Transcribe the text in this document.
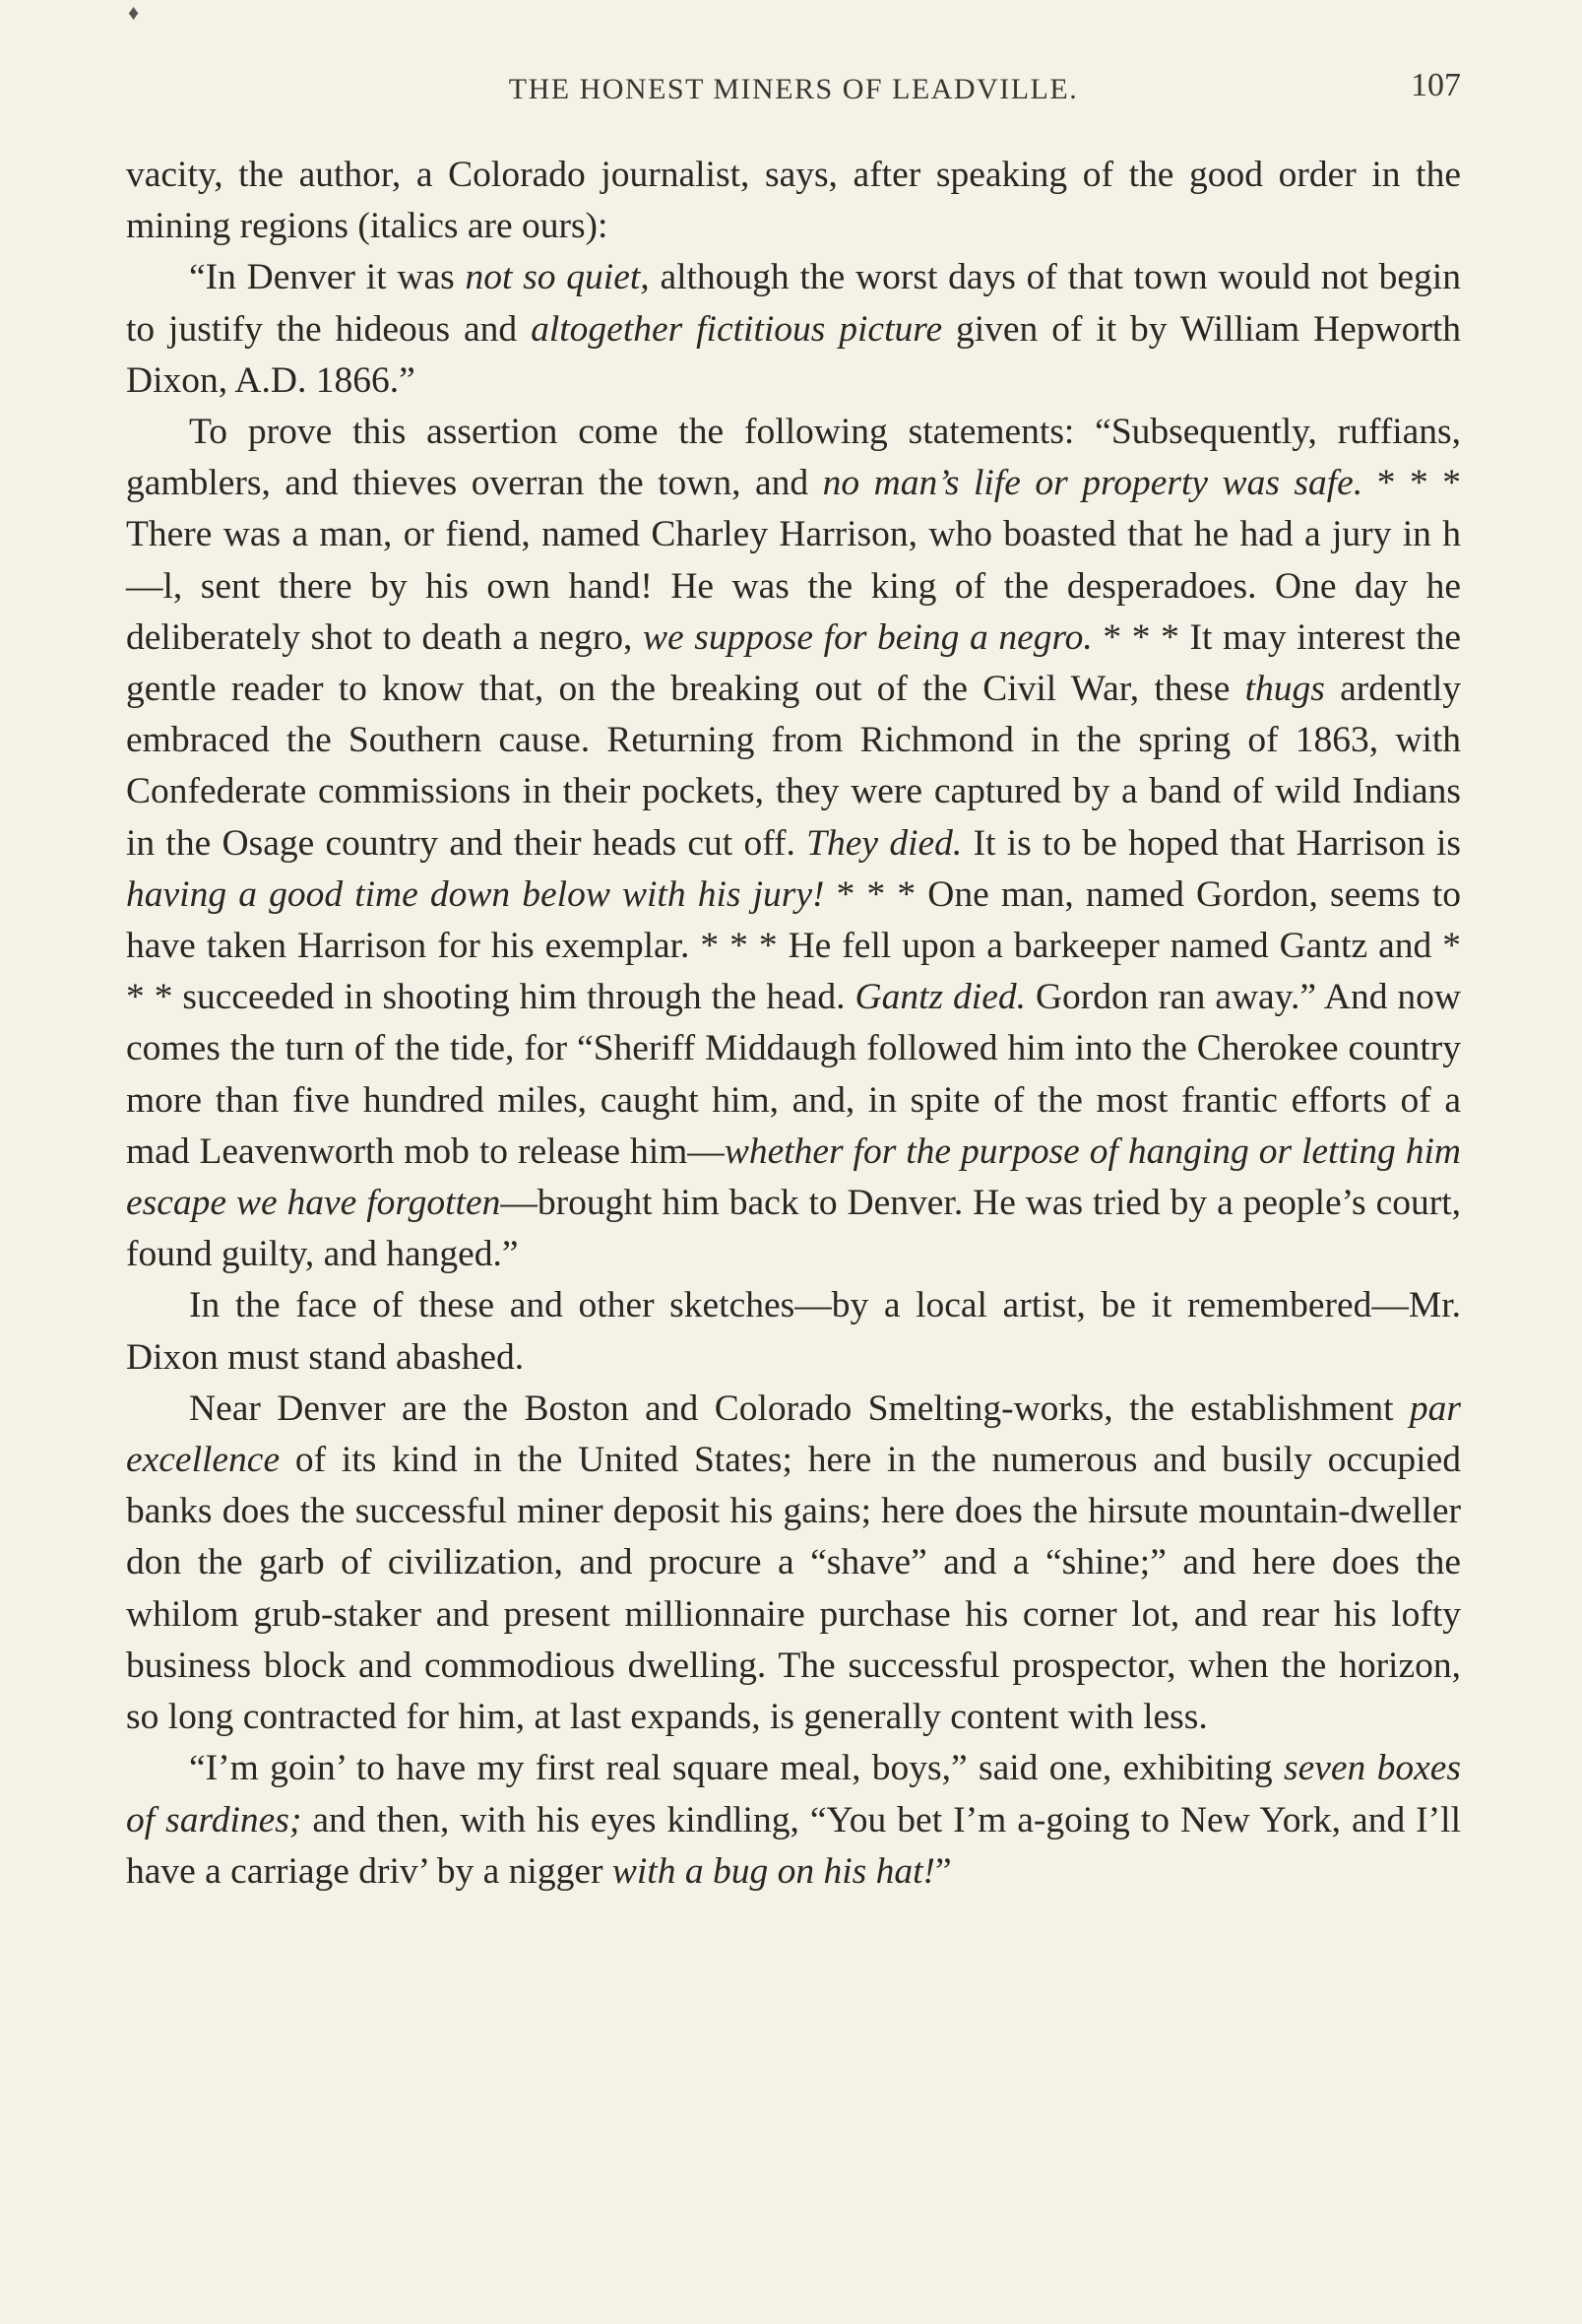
♦
THE HONEST MINERS OF LEADVILLE.	107

vacity, the author, a Colorado journalist, says, after speaking of the good order in the mining regions (italics are ours):

“In Denver it was not so quiet, although the worst days of that town would not begin to justify the hideous and altogether fictitious picture given of it by William Hepworth Dixon, A.D. 1866.”

To prove this assertion come the following statements: “Subsequently, ruffians, gamblers, and thieves overran the town, and no man’s life or property was safe. * * * There was a man, or fiend, named Charley Harrison, who boasted that he had a jury in h—l, sent there by his own hand! He was the king of the desperadoes. One day he deliberately shot to death a negro, we suppose for being a negro. * * * It may interest the gentle reader to know that, on the breaking out of the Civil War, these thugs ardently embraced the Southern cause. Returning from Richmond in the spring of 1863, with Confederate commissions in their pockets, they were captured by a band of wild Indians in the Osage country and their heads cut off. They died. It is to be hoped that Harrison is having a good time down below with his jury! * * * One man, named Gordon, seems to have taken Harrison for his exemplar. * * * He fell upon a barkeeper named Gantz and * * * succeeded in shooting him through the head. Gantz died. Gordon ran away.” And now comes the turn of the tide, for “Sheriff Middaugh followed him into the Cherokee country more than five hundred miles, caught him, and, in spite of the most frantic efforts of a mad Leavenworth mob to release him—whether for the purpose of hanging or letting him escape we have forgotten—brought him back to Denver. He was tried by a people’s court, found guilty, and hanged.”

In the face of these and other sketches—by a local artist, be it remembered—Mr. Dixon must stand abashed.

Near Denver are the Boston and Colorado Smelting-works, the establishment par excellence of its kind in the United States; here in the numerous and busily occupied banks does the successful miner deposit his gains; here does the hirsute mountain-dweller don the garb of civilization, and procure a “shave” and a “shine;” and here does the whilom grub-staker and present millionnaire purchase his corner lot, and rear his lofty business block and commodious dwelling. The successful prospector, when the horizon, so long contracted for him, at last expands, is generally content with less.

“I’m goin’ to have my first real square meal, boys,” said one, exhibiting seven boxes of sardines; and then, with his eyes kindling, “You bet I’m a-going to New York, and I’ll have a carriage driv’ by a nigger with a bug on his hat!”
